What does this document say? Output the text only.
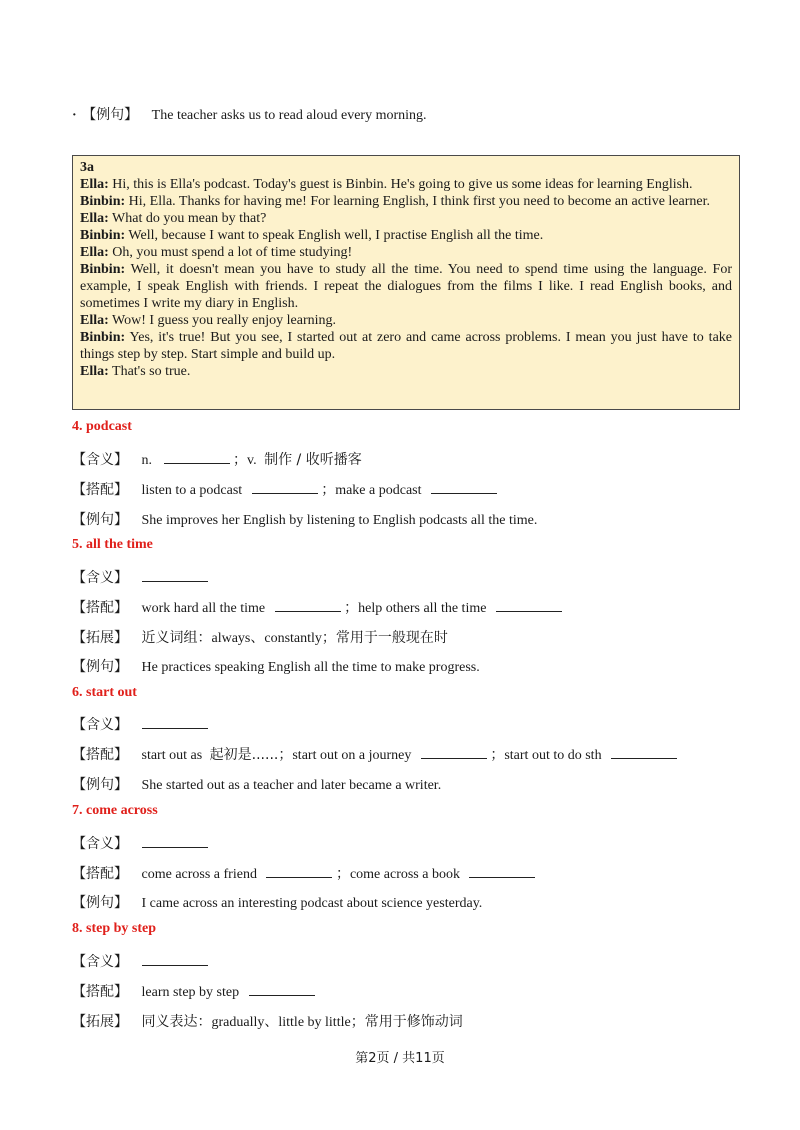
· 【例句】 The teacher asks us to read aloud every morning.
3a
Ella: Hi, this is Ella's podcast. Today's guest is Binbin. He's going to give us some ideas for learning English.
Binbin: Hi, Ella. Thanks for having me! For learning English, I think first you need to become an active learner.
Ella: What do you mean by that?
Binbin: Well, because I want to speak English well, I practise English all the time.
Ella: Oh, you must spend a lot of time studying!
Binbin: Well, it doesn't mean you have to study all the time. You need to spend time using the language. For example, I speak English with friends. I repeat the dialogues from the films I like. I read English books, and sometimes I write my diary in English.
Ella: Wow! I guess you really enjoy learning.
Binbin: Yes, it's true! But you see, I started out at zero and came across problems. I mean you just have to take things step by step. Start simple and build up.
Ella: That's so true.
4. podcast
【含义】 n.	；v. 制作 / 收听播客
【搭配】 listen to a podcast	；make a podcast
【例句】 She improves her English by listening to English podcasts all the time.
5. all the time
【含义】
【搭配】 work hard all the time	；help others all the time
【拓展】 近义词组：always、constantly；常用于一般现在时
【例句】 He practices speaking English all the time to make progress.
6. start out
【含义】
【搭配】 start out as 起初是......；start out on a journey	；start out to do sth
【例句】 She started out as a teacher and later became a writer.
7. come across
【含义】
【搭配】 come across a friend	；come across a book
【例句】 I came across an interesting podcast about science yesterday.
8. step by step
【含义】
【搭配】 learn step by step
【拓展】 同义表达：gradually、little by little；常用于修饰动词
第2页 / 共11页
